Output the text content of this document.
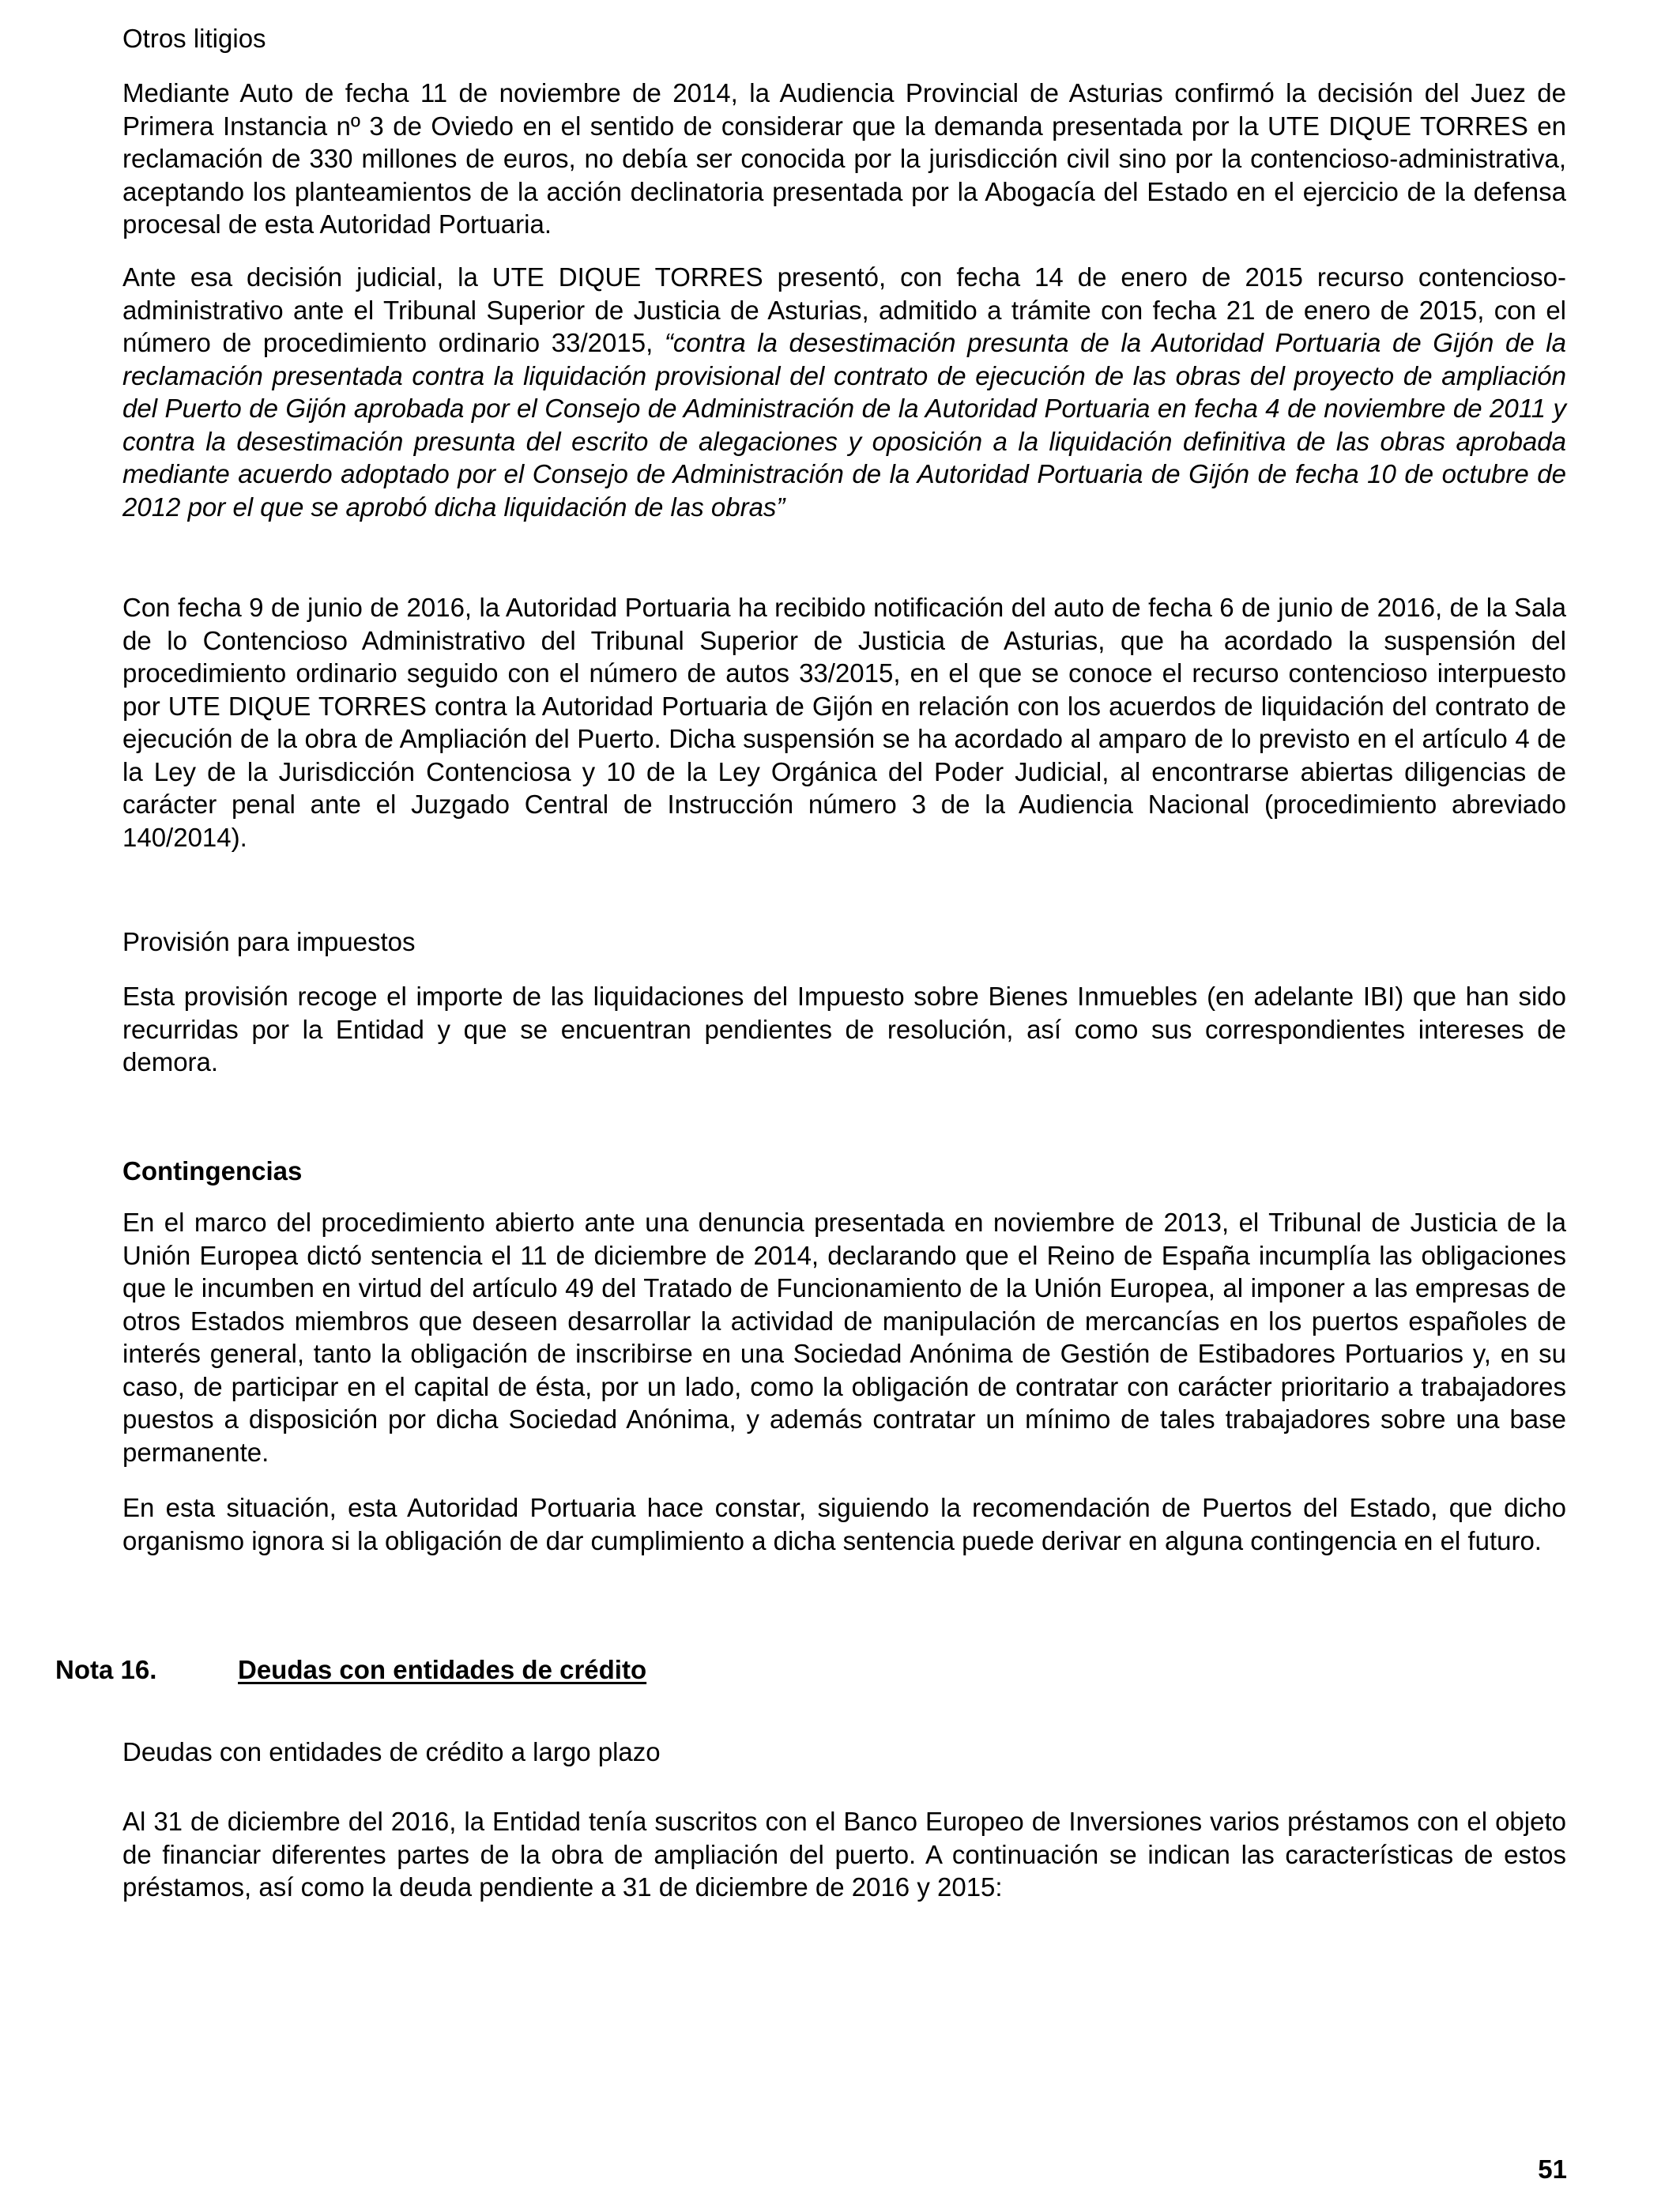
Otros litigios

Mediante Auto de fecha 11 de noviembre de 2014, la Audiencia Provincial de Asturias confirmó la decisión del Juez de Primera Instancia nº 3 de Oviedo en el sentido de considerar que la demanda presentada por la UTE DIQUE TORRES en reclamación de 330 millones de euros, no debía ser conocida por la jurisdicción civil sino por la contencioso-administrativa, aceptando los planteamientos de la acción declinatoria presentada por la Abogacía del Estado en el ejercicio de la defensa procesal de esta Autoridad Portuaria.

Ante esa decisión judicial, la UTE DIQUE TORRES presentó, con fecha 14 de enero de 2015 recurso contencioso-administrativo ante el Tribunal Superior de Justicia de Asturias, admitido a trámite con fecha 21 de enero de 2015, con el número de procedimiento ordinario 33/2015, “contra la desestimación presunta de la Autoridad Portuaria de Gijón de la reclamación presentada contra la liquidación provisional del contrato de ejecución de las obras del proyecto de ampliación del Puerto de Gijón aprobada por el Consejo de Administración de la Autoridad Portuaria en fecha 4 de noviembre de 2011 y contra la desestimación presunta del escrito de alegaciones y oposición a la liquidación definitiva de las obras aprobada mediante acuerdo adoptado por el Consejo de Administración de la Autoridad Portuaria de Gijón de fecha 10 de octubre de 2012 por el que se aprobó dicha liquidación de las obras”

Con fecha 9 de junio de 2016, la Autoridad Portuaria ha recibido notificación del auto de fecha 6 de junio de 2016, de la Sala de lo Contencioso Administrativo del Tribunal Superior de Justicia de Asturias, que ha acordado la suspensión del procedimiento ordinario seguido con el número de autos 33/2015, en el que se conoce el recurso contencioso interpuesto por UTE DIQUE TORRES contra la Autoridad Portuaria de Gijón en relación con los acuerdos de liquidación del contrato de ejecución de la obra de Ampliación del Puerto. Dicha suspensión se ha acordado al amparo de lo previsto en el artículo 4 de la Ley de la Jurisdicción Contenciosa y 10 de la Ley Orgánica del Poder Judicial, al encontrarse abiertas diligencias de carácter penal ante el Juzgado Central de Instrucción número 3 de la Audiencia Nacional (procedimiento abreviado 140/2014).

Provisión para impuestos

Esta provisión recoge el importe de las liquidaciones del Impuesto sobre Bienes Inmuebles (en adelante IBI) que han sido recurridas por la Entidad y que se encuentran pendientes de resolución, así como sus correspondientes intereses de demora.

Contingencias

En el marco del procedimiento abierto ante una denuncia presentada en noviembre de 2013, el Tribunal de Justicia de la Unión Europea dictó sentencia el 11 de diciembre de 2014, declarando que el Reino de España incumplía las obligaciones que le incumben en virtud del artículo 49 del Tratado de Funcionamiento de la Unión Europea, al imponer a las empresas de otros Estados miembros que deseen desarrollar la actividad de manipulación de mercancías en los puertos españoles de interés general, tanto la obligación de inscribirse en una Sociedad Anónima de Gestión de Estibadores Portuarios y, en su caso, de participar en el capital de ésta, por un lado, como la obligación de contratar con carácter prioritario a trabajadores puestos a disposición por dicha Sociedad Anónima, y además contratar un mínimo de tales trabajadores sobre una base permanente.

En esta situación, esta Autoridad Portuaria hace constar, siguiendo la recomendación de Puertos del Estado, que dicho organismo ignora si la obligación de dar cumplimiento a dicha sentencia puede derivar en alguna contingencia en el futuro.

Nota 16.	Deudas con entidades de crédito
Deudas con entidades de crédito a largo plazo

Al 31 de diciembre del 2016, la Entidad tenía suscritos con el Banco Europeo de Inversiones varios préstamos con el objeto de financiar diferentes partes de la obra de ampliación del puerto. A continuación se indican las características de estos préstamos, así como la deuda pendiente a 31 de diciembre de 2016 y 2015:

51
